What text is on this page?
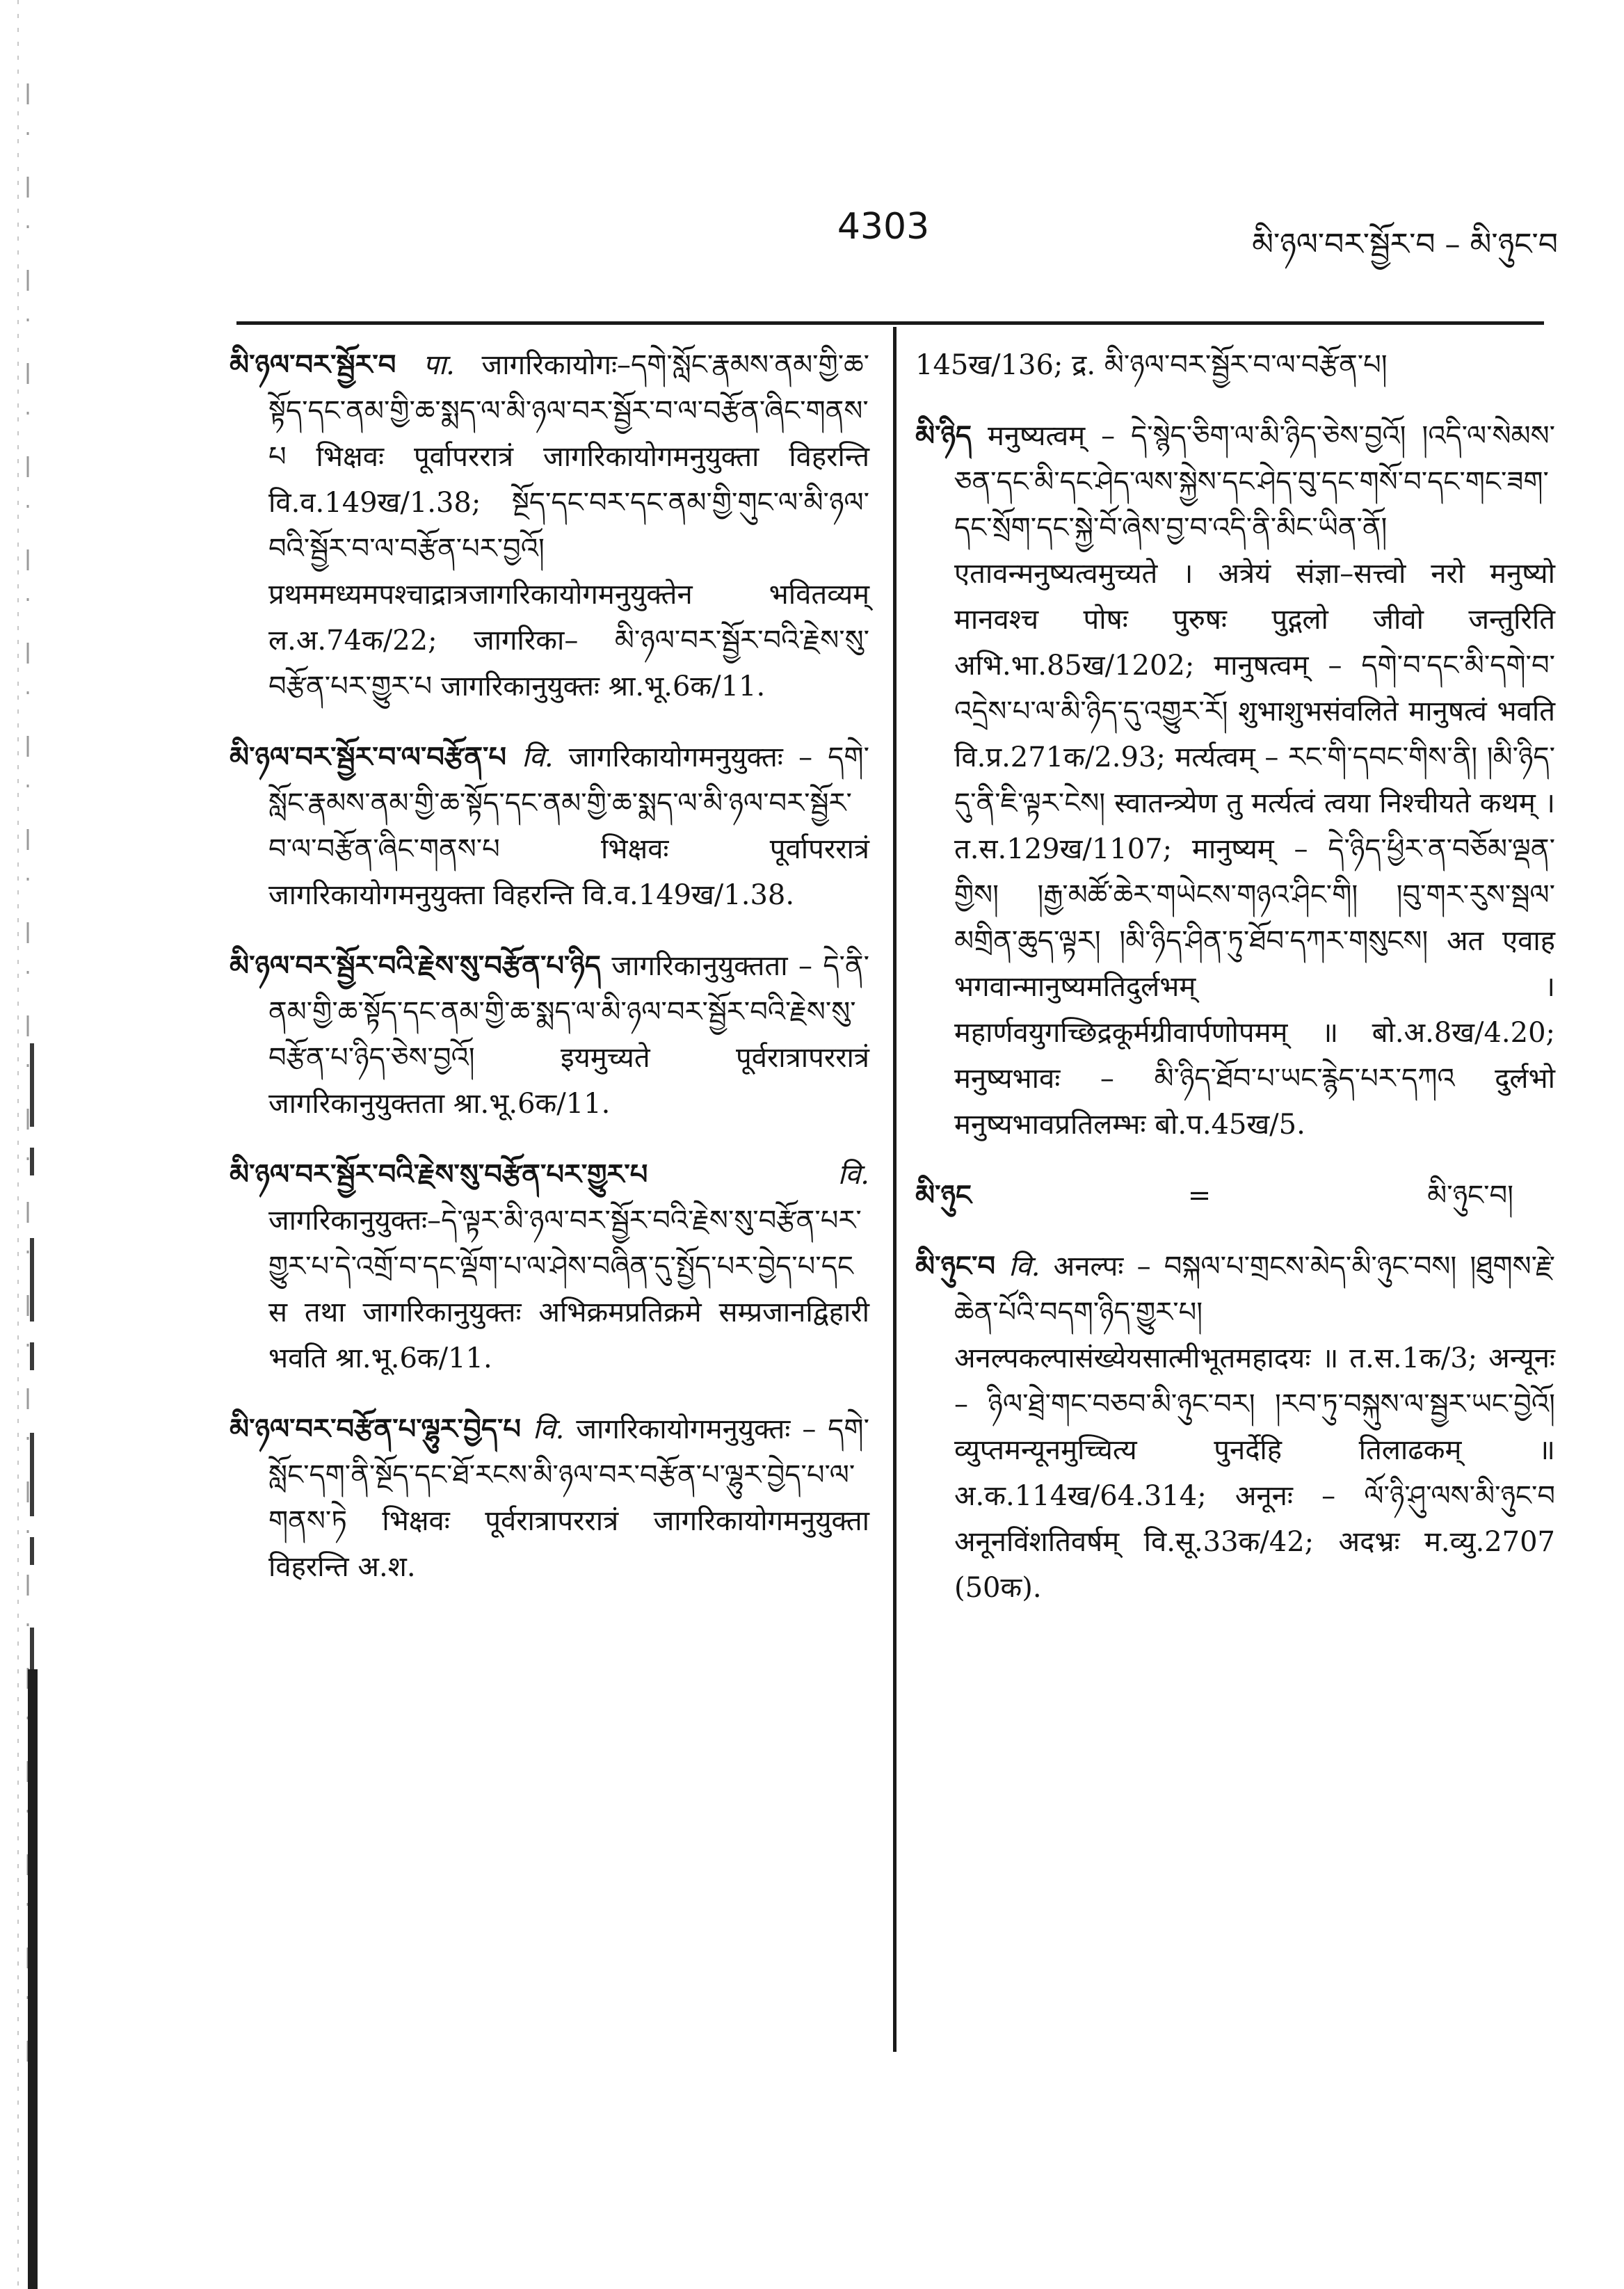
4303	མི་ཉལ་བར་སྦྱོར་བ – མི་ཉུང་བ

མི་ཉལ་བར་སྦྱོར་བ पा. जागरिकायोगः–དགེ་སློང་རྣམས་ནམ་གྱི་ཆ་སྟོད་དང་ནམ་གྱི་ཆ་སྨད་ལ་མི་ཉལ་བར་སྦྱོར་བ་ལ་བརྩོན་ཞིང་གནས་པ भिक्षवः पूर्वापररात्रं जागरिकायोगमनुयुक्ता विहरन्ति वि.व.149ख/1.38; སྔོད་དང་བར་དང་ནམ་གྱི་གུང་ལ་མི་ཉལ་བའི་སྦྱོར་བ་ལ་བརྩོན་པར་བྱའོ། प्रथममध्यमपश्चाद्रात्रजागरिकायोगमनुयुक्तेन भवितव्यम् ल.अ.74क/22; जागरिका– མི་ཉལ་བར་སྦྱོར་བའི་རྗེས་སུ་བརྩོན་པར་གྱུར་པ जागरिकानुयुक्तः श्रा.भू.6क/11.

མི་ཉལ་བར་སྦྱོར་བ་ལ་བརྩོན་པ वि. जागरिकायोगमनुयुक्तः – དགེ་སློང་རྣམས་ནམ་གྱི་ཆ་སྟོད་དང་ནམ་གྱི་ཆ་སྨད་ལ་མི་ཉལ་བར་སྦྱོར་བ་ལ་བརྩོན་ཞིང་གནས་པ भिक्षवः पूर्वापररात्रं जागरिकायोगमनुयुक्ता विहरन्ति वि.व.149ख/1.38.

མི་ཉལ་བར་སྦྱོར་བའི་རྗེས་སུ་བརྩོན་པ་ཉིད जागरिकानुयुक्तता – དེ་ནི་ནམ་གྱི་ཆ་སྟོད་དང་ནམ་གྱི་ཆ་སྨད་ལ་མི་ཉལ་བར་སྦྱོར་བའི་རྗེས་སུ་བརྩོན་པ་ཉིད་ཅེས་བྱའོ། इयमुच्यते पूर्वरात्रापररात्रं जागरिकानुयुक्तता श्रा.भू.6क/11.

མི་ཉལ་བར་སྦྱོར་བའི་རྗེས་སུ་བརྩོན་པར་གྱུར་པ	वि. जागरिकानुयुक्तः–དེ་ལྟར་མི་ཉལ་བར་སྦྱོར་བའི་རྗེས་སུ་བརྩོན་པར་གྱུར་པ་དེ་འགྲོ་བ་དང་ལྡོག་པ་ལ་ཤེས་བཞིན་དུ་སྤྱོད་པར་བྱེད་པ་དང स तथा जागरिकानुयुक्तः अभिक्रमप्रतिक्रमे सम्प्रजानद्विहारी भवति श्रा.भू.6क/11.

མི་ཉལ་བར་བརྩོན་པ་ལྷུར་བྱེད་པ वि. जागरिकायोगमनुयुक्तः – དགེ་སློང་དག་ནི་སྔོད་དང་ཐོ་རངས་མི་ཉལ་བར་བརྩོན་པ་ལྷུར་བྱེད་པ་ལ་གནས་ཏེ भिक्षवः पूर्वरात्रापररात्रं जागरिकायोगमनुयुक्ता विहरन्ति अ.श.

145ख/136; द्र. མི་ཉལ་བར་སྦྱོར་བ་ལ་བརྩོན་པ།

མི་ཉིད मनुष्यत्वम् – དེ་སྙེད་ཅིག་ལ་མི་ཉིད་ཅེས་བྱའོ། །འདི་ལ་སེམས་ཅན་དང་མི་དང་ཤེད་ལས་སྐྱེས་དང་ཤེད་བུ་དང་གསོ་བ་དང་གང་ཟག་དང་སྲོག་དང་སྐྱེ་བོ་ཞེས་བྱ་བ་འདི་ནི་མིང་ཡིན་ནོ། एतावन्मनुष्यत्वमुच्यते । अत्रेयं संज्ञा–सत्त्वो नरो मनुष्यो मानवश्च पोषः पुरुषः पुद्गलो जीवो जन्तुरिति अभि.भा.85ख/1202; मानुषत्वम् – དགེ་བ་དང་མི་དགེ་བ་འདྲེས་པ་ལ་མི་ཉིད་དུ་འགྱུར་རོ། शुभाशुभसंवलिते मानुषत्वं भवति वि.प्र.271क/2.93; मर्त्यत्वम् – རང་གི་དབང་གིས་ནི། །མི་ཉིད་དུ་ནི་ཇི་ལྟར་ངེས། स्वातन्त्र्येण तु मर्त्यत्वं त्वया निश्चीयते कथम् । त.स.129ख/1107; मानुष्यम् – དེ་ཉིད་ཕྱིར་ན་བཅོམ་ལྡན་གྱིས། །རྒྱ་མཚོ་ཆེར་གཡེངས་གཉའ་ཤིང་གི། །བུ་གར་རུས་སྦལ་མགྲིན་ཆུད་ལྟར། །མི་ཉིད་ཤིན་ཏུ་ཐོབ་དཀར་གསུངས། अत एवाह भगवान्मानुष्यमतिदुर्लभम् । महार्णवयुगच्छिद्रकूर्मग्रीवार्पणोपमम् ॥ बो.अ.8ख/4.20; मनुष्यभावः – མི་ཉིད་ཐོབ་པ་ཡང་རྙེད་པར་དཀའ दुर्लभो मनुष्यभावप्रतिलम्भः बो.प.45ख/5.

མི་ཉུང	=	མི་ཉུང་བ།

མི་ཉུང་བ वि. अनल्पः – བསྐལ་པ་གྲངས་མེད་མི་ཉུང་བས། །ཐུགས་རྗེ་ཆེན་པོའི་བདག་ཉིད་གྱུར་པ། अनल्पकल्पासंख्येयसात्मीभूतमहादयः ॥ त.स.1क/3; अन्यूनः – ཉིལ་ཐྲེ་གང་བཅབ་མི་ཉུང་བར། །རབ་ཏུ་བསྐུས་ལ་སྦྱར་ཡང་བྱེའོ། व्युप्तमन्यूनमुच्चित्य पुनर्देहि तिलाढकम् ॥ अ.क.114ख/64.314; अनूनः – ལོ་ཉི་ཤུ་ལས་མི་ཉུང་བ अनूनविंशतिवर्षम् वि.सू.33क/42; अदभ्रः म.व्यु.2707 (50क).
